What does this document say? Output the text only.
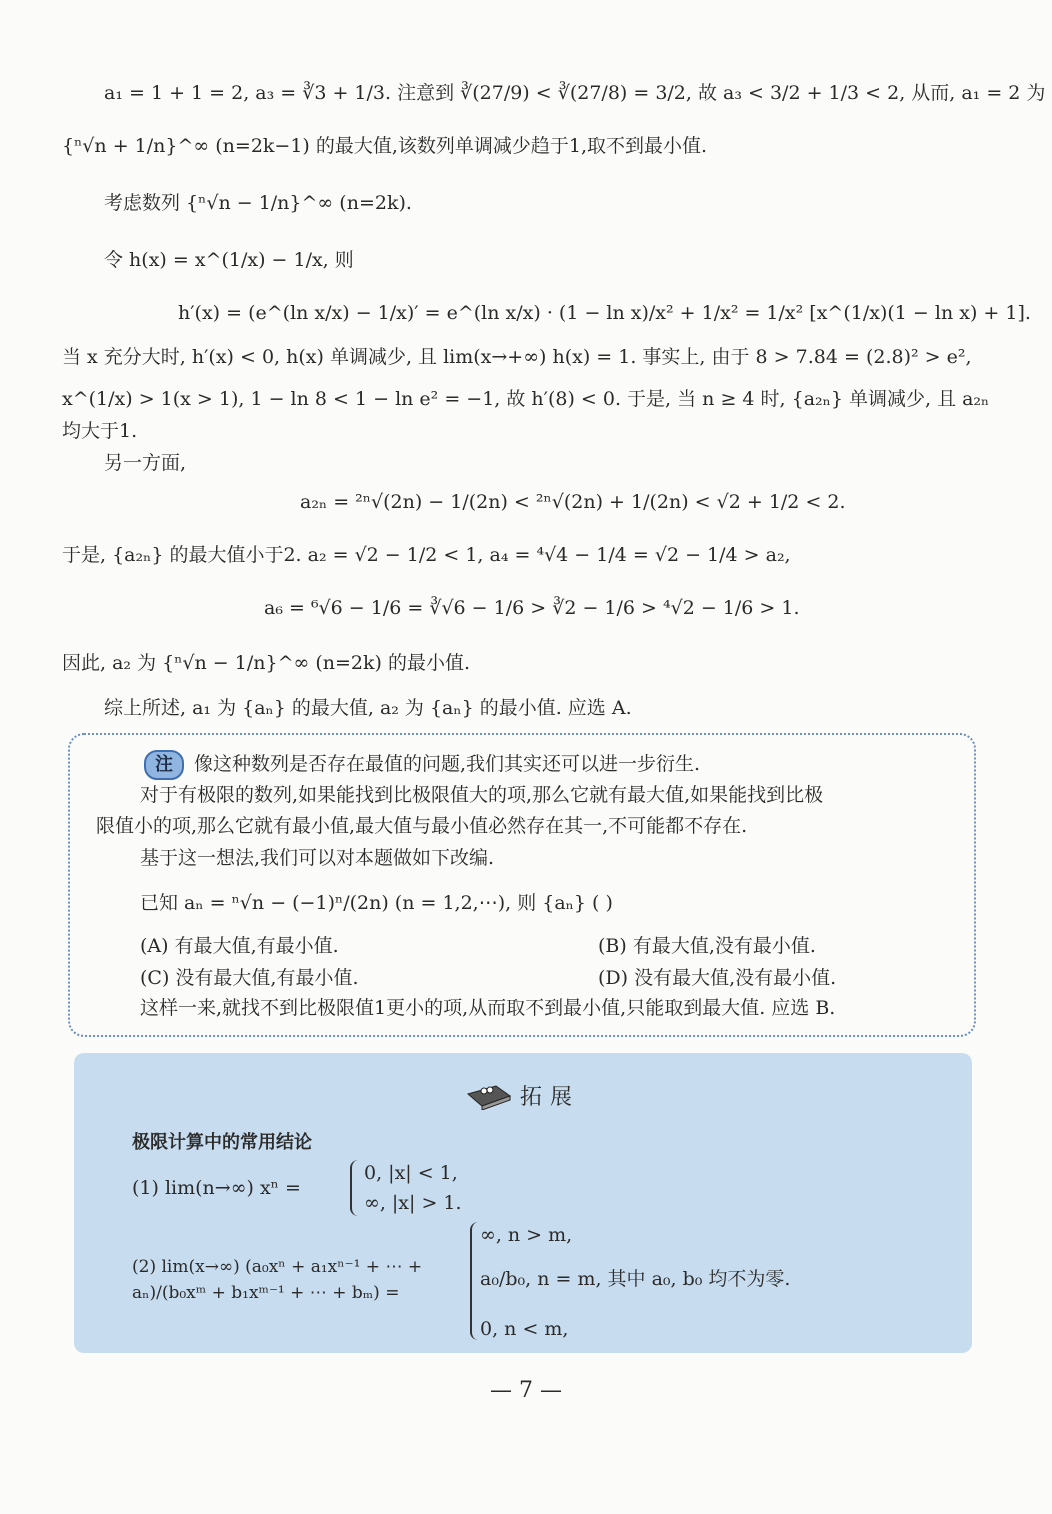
a₁ = 1 + 1 = 2, a₃ = ∛3 + 1/3. 注意到 ∛(27/9) < ∛(27/8) = 3/2, 故 a₃ < 3/2 + 1/3 < 2, 从而, a₁ = 2 为
{ⁿ√n + 1/n}^∞ (n=2k−1) 的最大值,该数列单调减少趋于1,取不到最小值.
考虑数列 {ⁿ√n − 1/n}^∞ (n=2k).
令 h(x) = x^(1/x) − 1/x, 则
h′(x) = (e^(ln x/x) − 1/x)′ = e^(ln x/x) · (1 − ln x)/x² + 1/x² = 1/x² [x^(1/x)(1 − ln x) + 1].
当 x 充分大时, h′(x) < 0, h(x) 单调减少, 且 lim(x→+∞) h(x) = 1. 事实上, 由于 8 > 7.84 = (2.8)² > e²,
x^(1/x) > 1(x > 1), 1 − ln 8 < 1 − ln e² = −1, 故 h′(8) < 0. 于是, 当 n ≥ 4 时, {a₂ₙ} 单调减少, 且 a₂ₙ
均大于1.
另一方面,
a₂ₙ = ²ⁿ√(2n) − 1/(2n) < ²ⁿ√(2n) + 1/(2n) < √2 + 1/2 < 2.
于是, {a₂ₙ} 的最大值小于2. a₂ = √2 − 1/2 < 1, a₄ = ⁴√4 − 1/4 = √2 − 1/4 > a₂,
a₆ = ⁶√6 − 1/6 = ∛√6 − 1/6 > ∛2 − 1/6 > ⁴√2 − 1/6 > 1.
因此, a₂ 为 {ⁿ√n − 1/n}^∞ (n=2k) 的最小值.
综上所述, a₁ 为 {aₙ} 的最大值, a₂ 为 {aₙ} 的最小值. 应选 A.
注 像这种数列是否存在最值的问题,我们其实还可以进一步衍生.
对于有极限的数列,如果能找到比极限值大的项,那么它就有最大值,如果能找到比极
限值小的项,那么它就有最小值,最大值与最小值必然存在其一,不可能都不存在.
基于这一想法,我们可以对本题做如下改编.
已知 aₙ = ⁿ√n − (−1)ⁿ/(2n) (n = 1,2,⋯), 则 {aₙ} ( )
(A) 有最大值,有最小值.	(B) 有最大值,没有最小值.
(C) 没有最大值,有最小值.	(D) 没有最大值,没有最小值.
这样一来,就找不到比极限值1更小的项,从而取不到最小值,只能取到最大值. 应选 B.
拓展
极限计算中的常用结论
(1) lim(n→∞) xⁿ =
0, |x| < 1,
∞, |x| > 1.
(2) lim(x→∞) (a₀xⁿ + a₁xⁿ⁻¹ + ⋯ + aₙ)/(b₀xᵐ + b₁xᵐ⁻¹ + ⋯ + bₘ) =
∞, n > m,
a₀/b₀, n = m, 其中 a₀, b₀ 均不为零.
0, n < m,
— 7 —
